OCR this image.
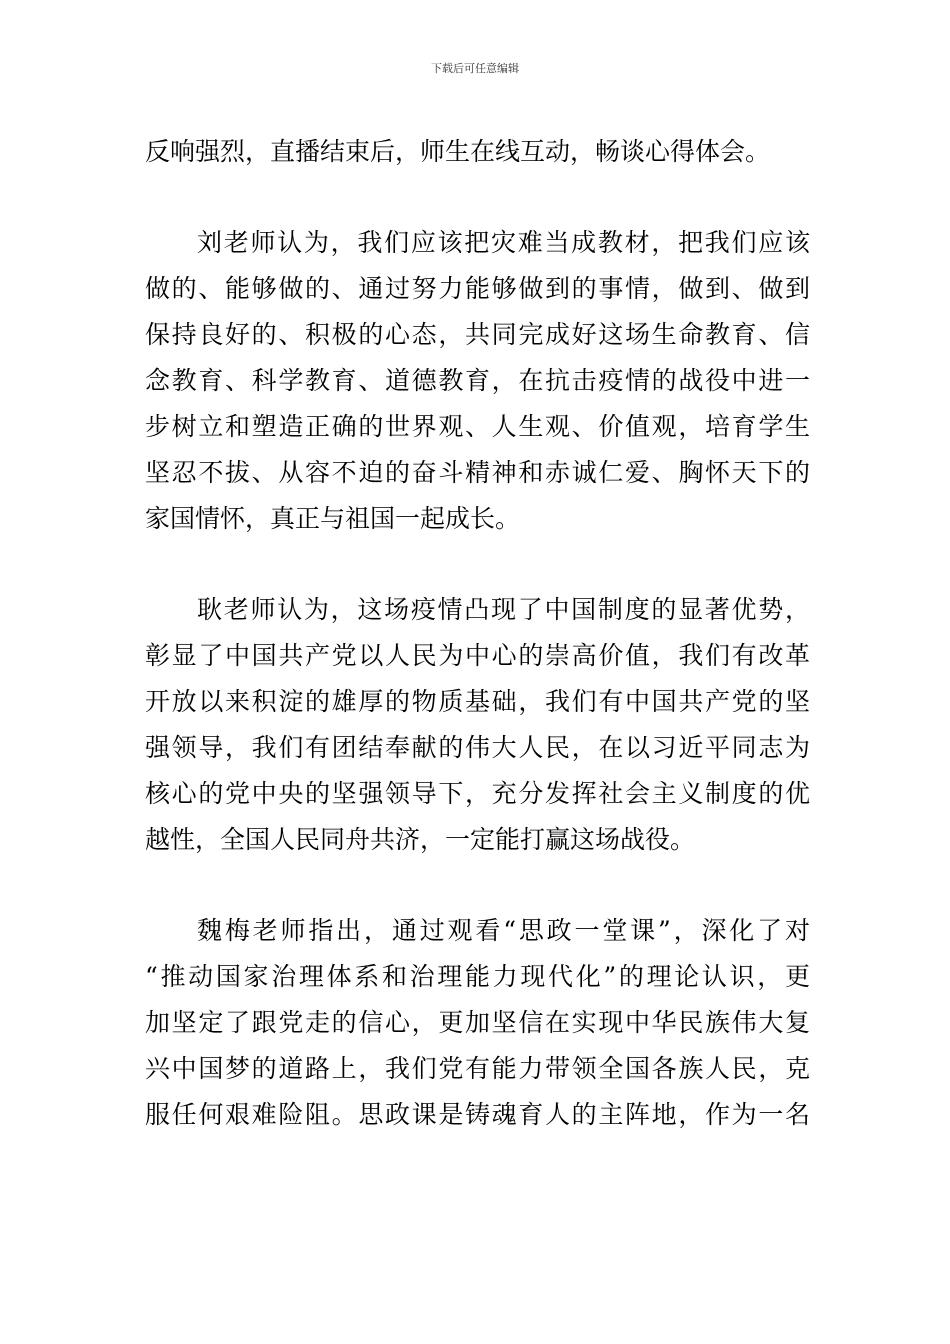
下载后可任意编辑
反响强烈，直播结束后，师生在线互动，畅谈心得体会。
刘老师认为，我们应该把灾难当成教材，把我们应该
做的、能够做的、通过努力能够做到的事情，做到、做到
保持良好的、积极的心态，共同完成好这场生命教育、信
念教育、科学教育、道德教育，在抗击疫情的战役中进一
步树立和塑造正确的世界观、人生观、价值观，培育学生
坚忍不拔、从容不迫的奋斗精神和赤诚仁爱、胸怀天下的
家国情怀，真正与祖国一起成长。
耿老师认为，这场疫情凸现了中国制度的显著优势，
彰显了中国共产党以人民为中心的崇高价值，我们有改革
开放以来积淀的雄厚的物质基础，我们有中国共产党的坚
强领导，我们有团结奉献的伟大人民，在以习近平同志为
核心的党中央的坚强领导下，充分发挥社会主义制度的优
越性，全国人民同舟共济，一定能打赢这场战役。
魏梅老师指出，通过观看“思政一堂课”，深化了对
“推动国家治理体系和治理能力现代化”的理论认识，更
加坚定了跟党走的信心，更加坚信在实现中华民族伟大复
兴中国梦的道路上，我们党有能力带领全国各族人民，克
服任何艰难险阻。思政课是铸魂育人的主阵地，作为一名
